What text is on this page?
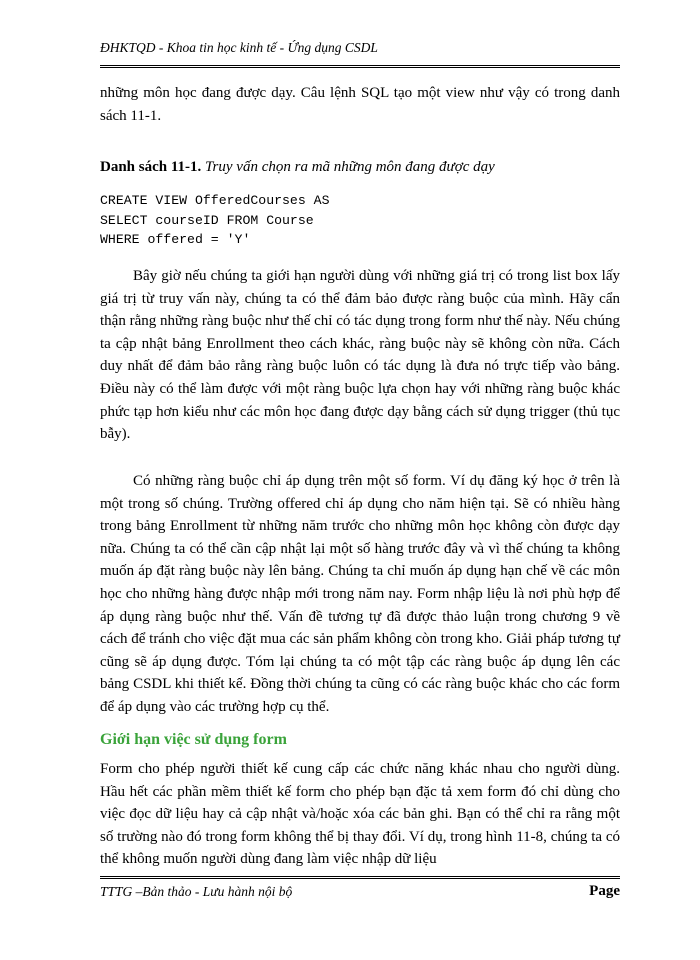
ĐHKTQD - Khoa tin học kinh tế - Ứng dụng CSDL
những môn học đang được dạy. Câu lệnh SQL tạo một view như vậy có trong danh sách 11-1.
Danh sách 11-1. Truy vấn chọn ra mã những môn đang được dạy
CREATE VIEW OfferedCourses AS
SELECT courseID FROM Course
WHERE offered = 'Y'
Bây giờ nếu chúng ta giới hạn người dùng với những giá trị có trong list box lấy giá trị từ truy vấn này, chúng ta có thể đảm bảo được ràng buộc của mình. Hãy cẩn thận rằng những ràng buộc như thế chỉ có tác dụng trong form như thế này. Nếu chúng ta cập nhật bảng Enrollment theo cách khác, ràng buộc này sẽ không còn nữa. Cách duy nhất để đảm bảo rằng ràng buộc luôn có tác dụng là đưa nó trực tiếp vào bảng. Điều này có thể làm được với một ràng buộc lựa chọn hay với những ràng buộc khác phức tạp hơn kiểu như các môn học đang được dạy bằng cách sử dụng trigger (thủ tục bẫy).
Có những ràng buộc chỉ áp dụng trên một số form. Ví dụ đăng ký học ở trên là một trong số chúng. Trường offered chỉ áp dụng cho năm hiện tại. Sẽ có nhiều hàng trong bảng Enrollment từ những năm trước cho những môn học không còn được dạy nữa. Chúng ta có thể cần cập nhật lại một số hàng trước đây và vì thế chúng ta không muốn áp đặt ràng buộc này lên bảng. Chúng ta chỉ muốn áp dụng hạn chế về các môn học cho những hàng được nhập mới trong năm nay. Form nhập liệu là nơi phù hợp để áp dụng ràng buộc như thế. Vấn đề tương tự đã được thảo luận trong chương 9 về cách để tránh cho việc đặt mua các sản phẩm không còn trong kho. Giải pháp tương tự cũng sẽ áp dụng được. Tóm lại chúng ta có một tập các ràng buộc áp dụng lên các bảng CSDL khi thiết kế. Đồng thời chúng ta cũng có các ràng buộc khác cho các form để áp dụng vào các trường hợp cụ thể.
Giới hạn việc sử dụng form
Form cho phép người thiết kế cung cấp các chức năng khác nhau cho người dùng. Hầu hết các phần mềm thiết kế form cho phép bạn đặc tả xem form đó chỉ dùng cho việc đọc dữ liệu hay cả cập nhật và/hoặc xóa các bản ghi. Bạn có thể chỉ ra rằng một số trường nào đó trong form không thể bị thay đổi. Ví dụ, trong hình 11-8, chúng ta có thể không muốn người dùng đang làm việc nhập dữ liệu
TTTG –Bản thảo - Lưu hành nội bộ	Page
